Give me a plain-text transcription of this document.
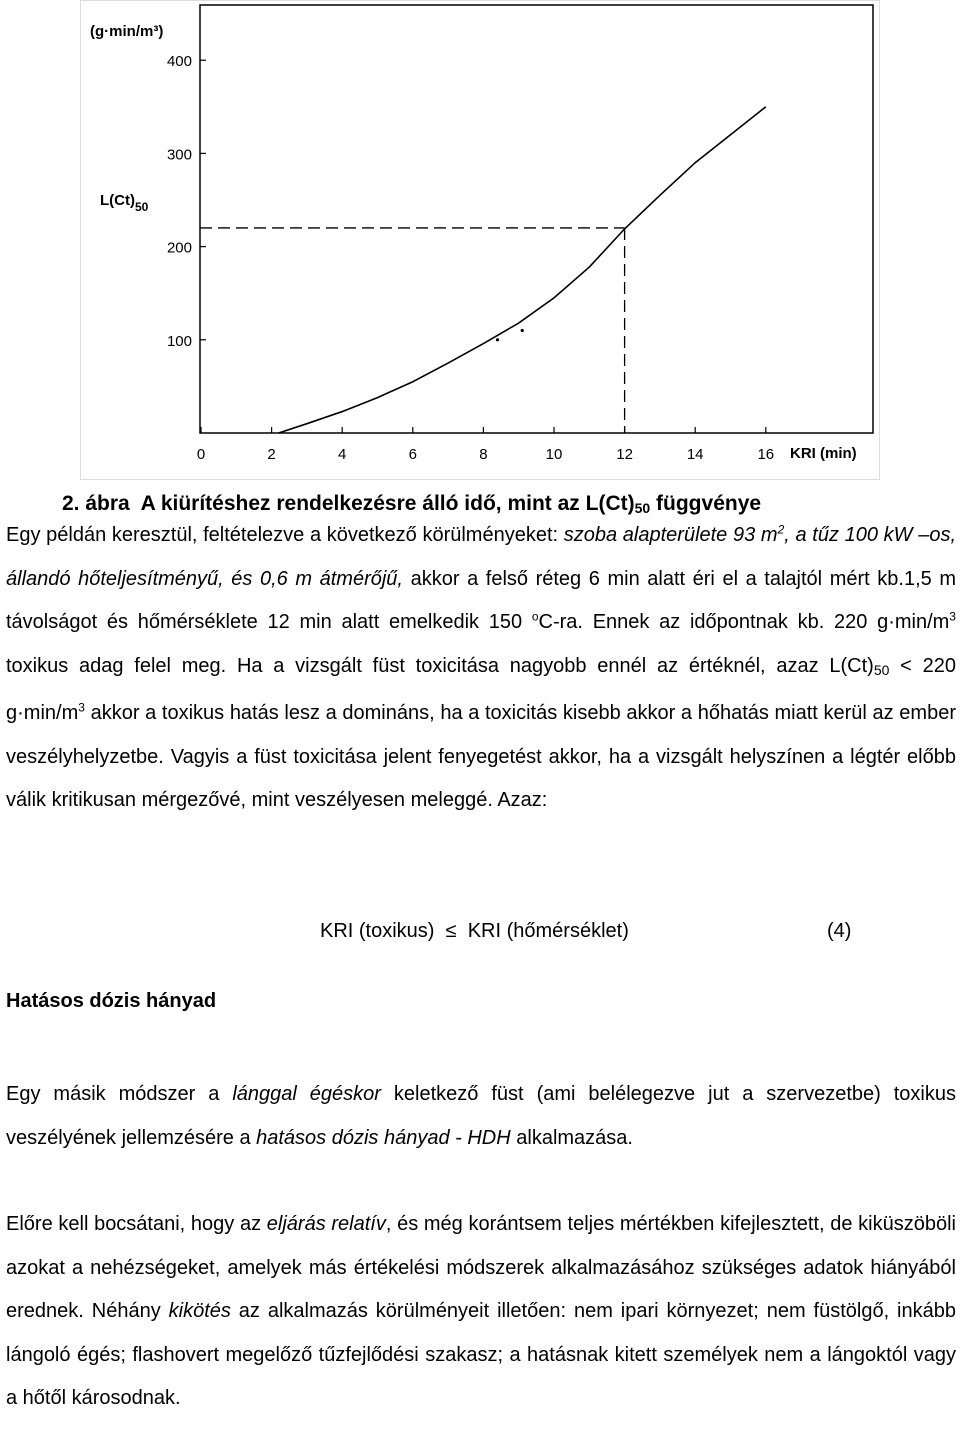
(g·min/m³)
$L(Ct)_{50}$
KRI (min)
0	2	4	6	8	10	12	14	16
100
200
300
400
2. ábra A kiürítéshez rendelkezésre álló idő, mint az L(Ct)50 függvénye
Egy példán keresztül, feltételezve a következő körülményeket: szoba alapterülete 93 $m^2$, a tűz 100 kW –os, állandó hőteljesítményű, és 0,6 m átmérőjű, akkor a felső réteg 6 min alatt éri el a talajtól mért kb.1,5 m távolságot és hőmérséklete 12 min alatt emelkedik 150 $^o$C-ra. Ennek az időpontnak kb. 220 $g\cdot\min/m^3$ toxikus adag felel meg. Ha a vizsgált füst toxicitása nagyobb ennél az értéknél, azaz L(Ct)50 < 220 $g\cdot\min/m^3$ akkor a toxikus hatás lesz a domináns, ha a toxicitás kisebb akkor a hőhatás miatt kerül az ember veszélyhelyzetbe. Vagyis a füst toxicitása jelent fenyegetést akkor, ha a vizsgált helyszínen a légtér előbb válik kritikusan mérgezővé, mint veszélyesen meleggé. Azaz:
KRI (toxikus) ≤ KRI (hőmérséklet)	(4)
Hatásos dózis hányad
Egy másik módszer a lánggal égéskor keletkező füst (ami belélegezve jut a szervezetbe) toxikus veszélyének jellemzésére a hatásos dózis hányad - HDH alkalmazása.
Előre kell bocsátani, hogy az eljárás relatív, és még korántsem teljes mértékben kifejlesztett, de kiküszöböli azokat a nehézségeket, amelyek más értékelési módszerek alkalmazásához szükséges adatok hiányából erednek. Néhány kikötés az alkalmazás körülményeit illetően: nem ipari környezet; nem füstölgő, inkább lángoló égés; flashovert megelőző tűzfejlődési szakasz; a hatásnak kitett személyek nem a lángoktól vagy a hőtől károsodnak.
